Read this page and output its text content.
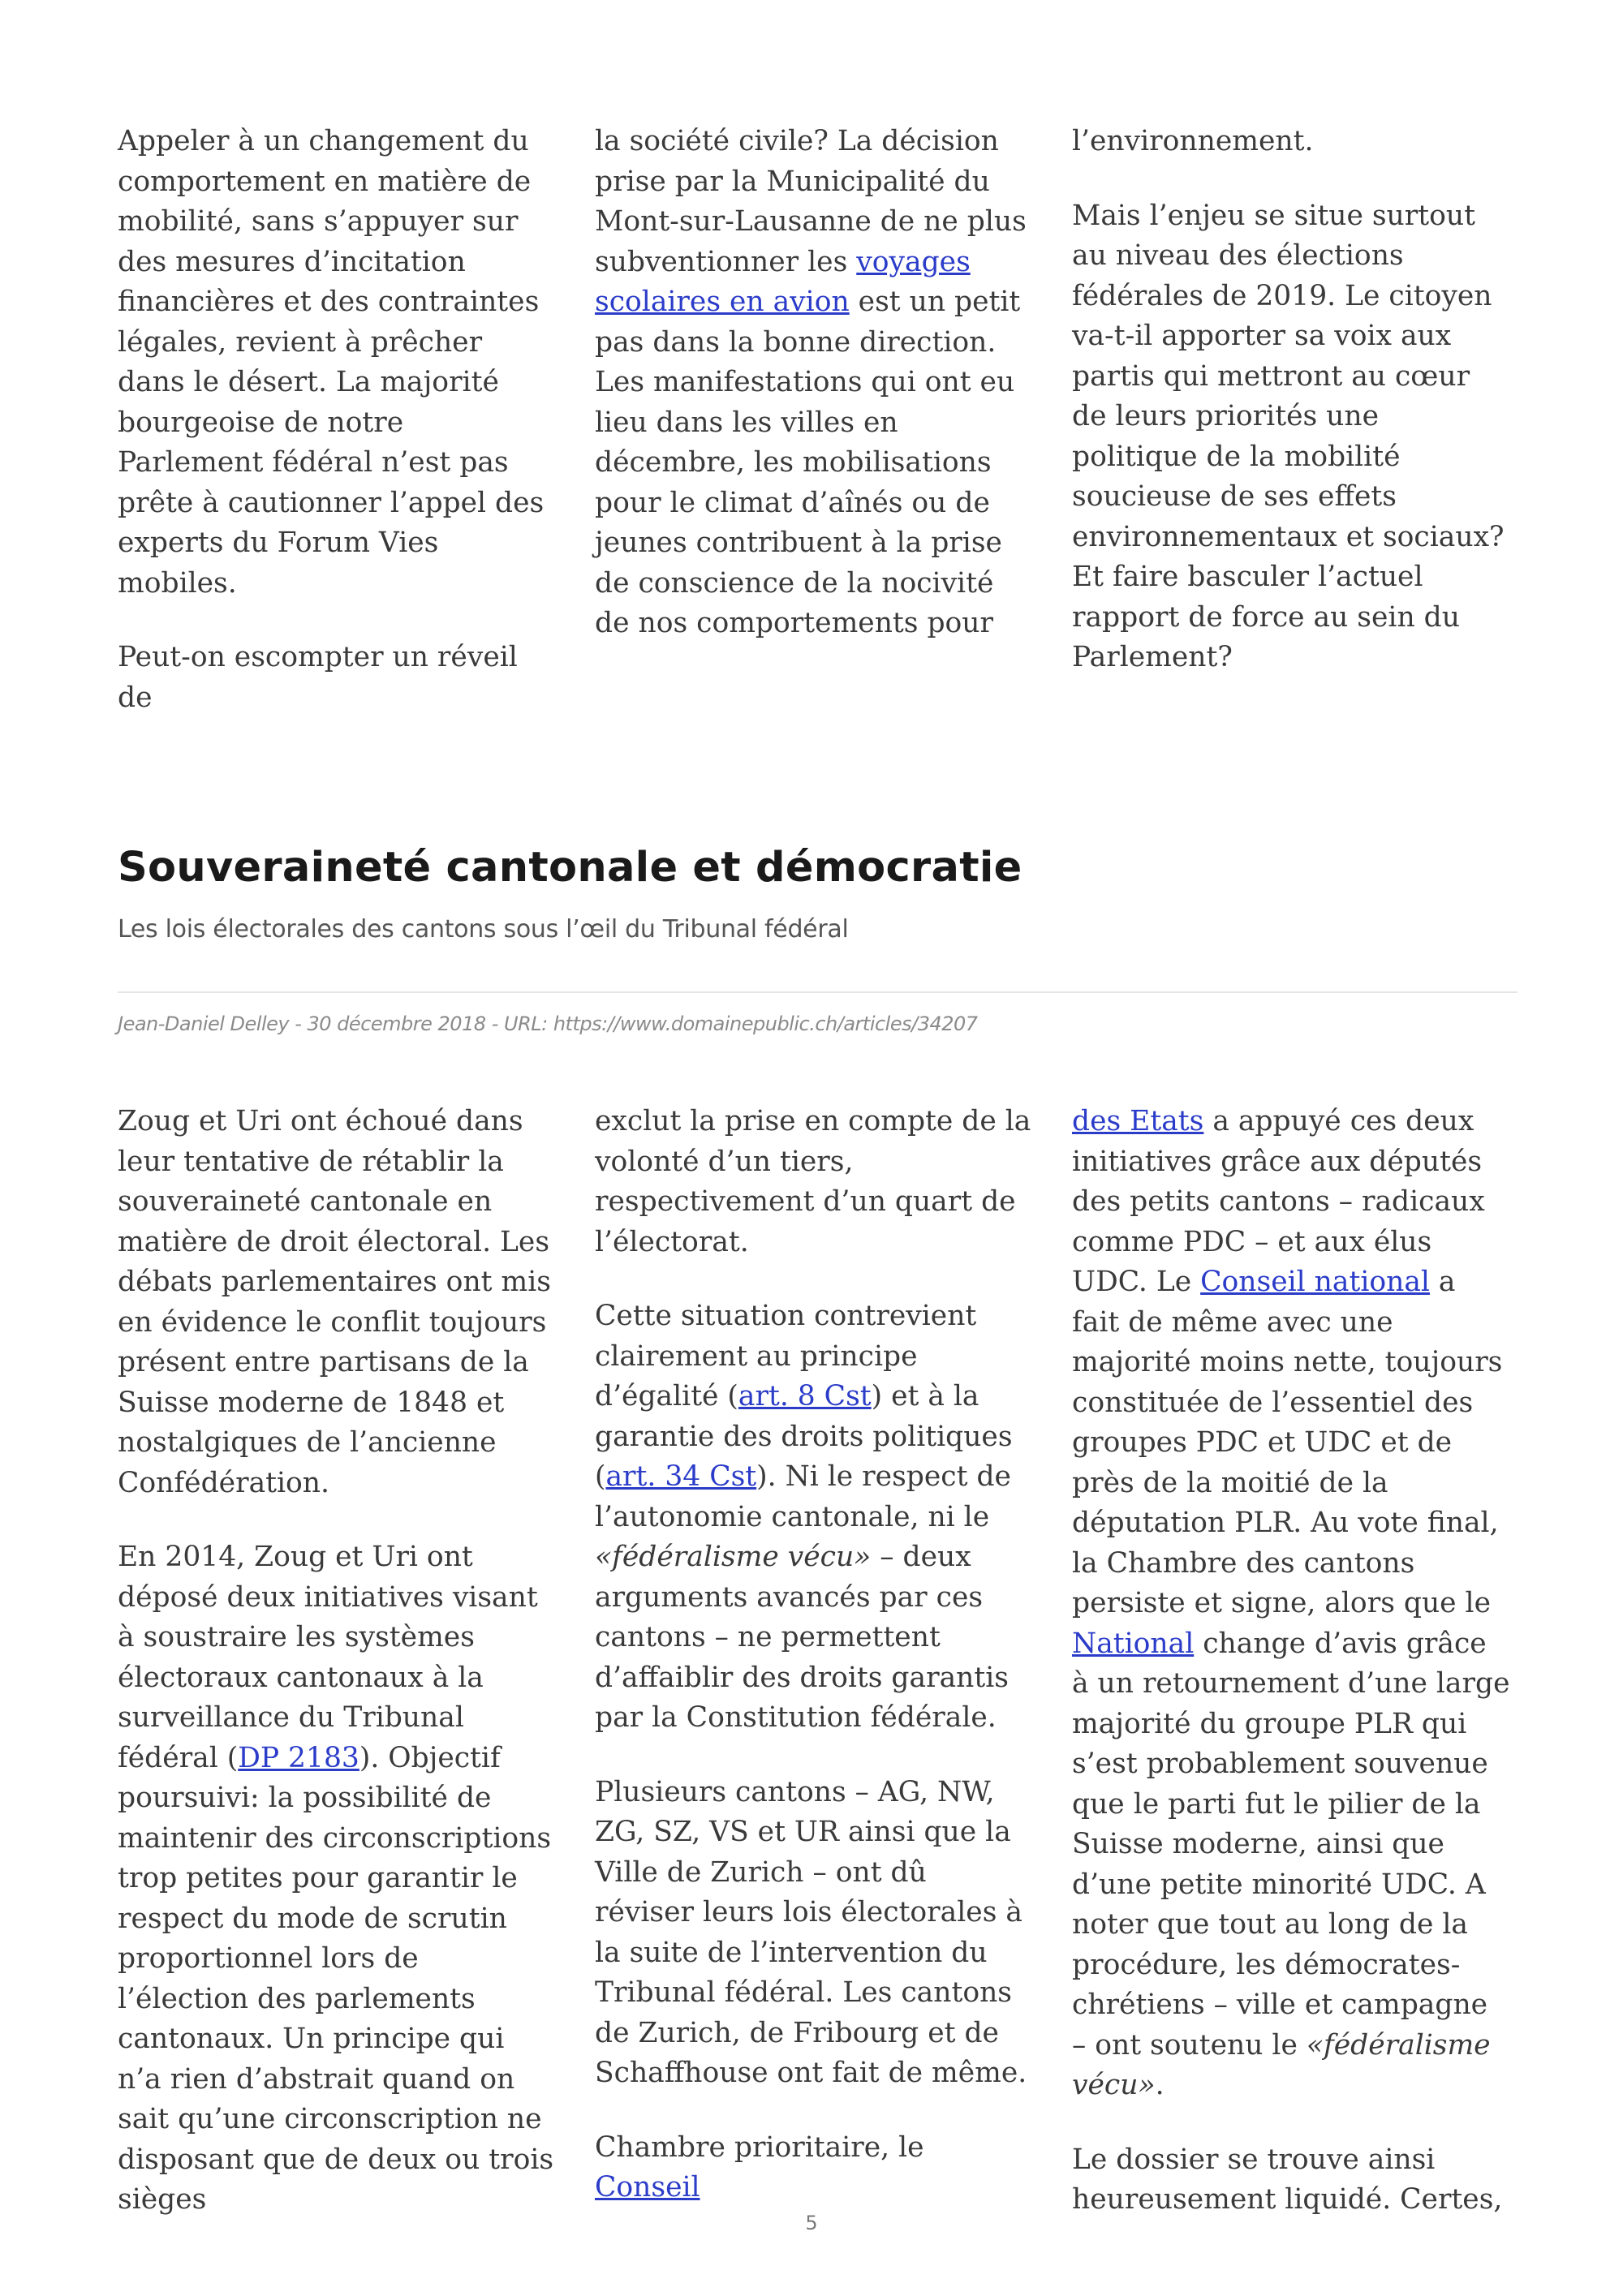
Appeler à un changement du comportement en matière de mobilité, sans s’appuyer sur des mesures d’incitation financières et des contraintes légales, revient à prêcher dans le désert. La majorité bourgeoise de notre Parlement fédéral n’est pas prête à cautionner l’appel des experts du Forum Vies mobiles.

Peut-on escompter un réveil de

la société civile? La décision prise par la Municipalité du Mont-sur-Lausanne de ne plus subventionner les voyages scolaires en avion est un petit pas dans la bonne direction. Les manifestations qui ont eu lieu dans les villes en décembre, les mobilisations pour le climat d’aînés ou de jeunes contribuent à la prise de conscience de la nocivité de nos comportements pour

l’environnement.

Mais l’enjeu se situe surtout au niveau des élections fédérales de 2019. Le citoyen va-t-il apporter sa voix aux partis qui mettront au cœur de leurs priorités une politique de la mobilité soucieuse de ses effets environnementaux et sociaux? Et faire basculer l’actuel rapport de force au sein du Parlement?

Souveraineté cantonale et démocratie

Les lois électorales des cantons sous l’œil du Tribunal fédéral

Jean-Daniel Delley - 30 décembre 2018 - URL: https://www.domainepublic.ch/articles/34207

Zoug et Uri ont échoué dans leur tentative de rétablir la souveraineté cantonale en matière de droit électoral. Les débats parlementaires ont mis en évidence le conflit toujours présent entre partisans de la Suisse moderne de 1848 et nostalgiques de l’ancienne Confédération.

En 2014, Zoug et Uri ont déposé deux initiatives visant à soustraire les systèmes électoraux cantonaux à la surveillance du Tribunal fédéral (DP 2183). Objectif poursuivi: la possibilité de maintenir des circonscriptions trop petites pour garantir le respect du mode de scrutin proportionnel lors de l’élection des parlements cantonaux. Un principe qui n’a rien d’abstrait quand on sait qu’une circonscription ne disposant que de deux ou trois sièges

exclut la prise en compte de la volonté d’un tiers, respectivement d’un quart de l’électorat.

Cette situation contrevient clairement au principe d’égalité (art. 8 Cst) et à la garantie des droits politiques (art. 34 Cst). Ni le respect de l’autonomie cantonale, ni le «fédéralisme vécu» – deux arguments avancés par ces cantons – ne permettent d’affaiblir des droits garantis par la Constitution fédérale.

Plusieurs cantons – AG, NW, ZG, SZ, VS et UR ainsi que la Ville de Zurich – ont dû réviser leurs lois électorales à la suite de l’intervention du Tribunal fédéral. Les cantons de Zurich, de Fribourg et de Schaffhouse ont fait de même.

Chambre prioritaire, le Conseil

des Etats a appuyé ces deux initiatives grâce aux députés des petits cantons – radicaux comme PDC – et aux élus UDC. Le Conseil national a fait de même avec une majorité moins nette, toujours constituée de l’essentiel des groupes PDC et UDC et de près de la moitié de la députation PLR. Au vote final, la Chambre des cantons persiste et signe, alors que le National change d’avis grâce à un retournement d’une large majorité du groupe PLR qui s’est probablement souvenue que le parti fut le pilier de la Suisse moderne, ainsi que d’une petite minorité UDC. A noter que tout au long de la procédure, les démocrates-chrétiens – ville et campagne – ont soutenu le «fédéralisme vécu».

Le dossier se trouve ainsi heureusement liquidé. Certes,

5
